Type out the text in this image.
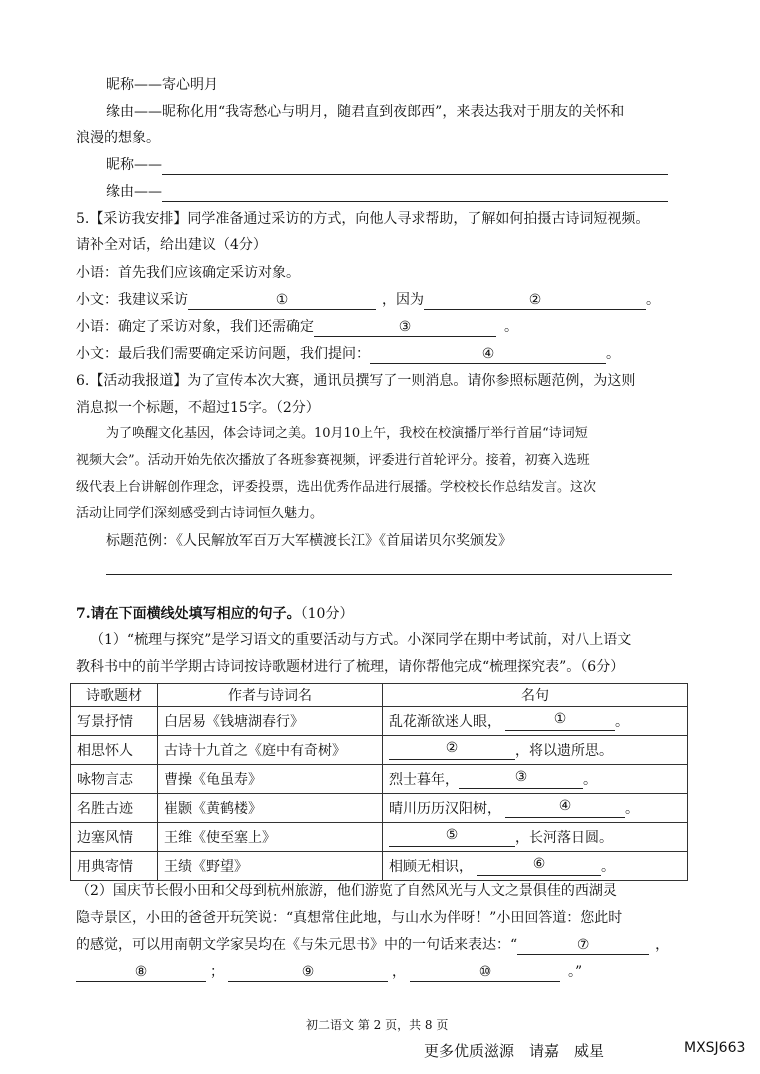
昵称——寄心明月
缘由——昵称化用“我寄愁心与明月，随君直到夜郎西”，来表达我对于朋友的关怀和
浪漫的想象。
昵称——
缘由——
5.【采访我安排】同学准备通过采访的方式，向他人寻求帮助，了解如何拍摄古诗词短视频。
请补全对话，给出建议（4分）
小语：首先我们应该确定采访对象。
小文：我建议采访	①	，因为	②	。
小语：确定了采访对象，我们还需确定	③	。
小文：最后我们需要确定采访问题，我们提问：	④	。
6.【活动我报道】为了宣传本次大赛，通讯员撰写了一则消息。请你参照标题范例，为这则
消息拟一个标题，不超过15字。（2分）
为了唤醒文化基因，体会诗词之美。10月10上午，我校在校演播厅举行首届“诗词短
视频大会”。活动开始先依次播放了各班参赛视频，评委进行首轮评分。接着，初赛入选班
级代表上台讲解创作理念，评委投票，选出优秀作品进行展播。学校校长作总结发言。这次
活动让同学们深刻感受到古诗词恒久魅力。
标题范例：《人民解放军百万大军横渡长江》《首届诺贝尔奖颁发》
7.请在下面横线处填写相应的句子。（10分）
（1）“梳理与探究”是学习语文的重要活动与方式。小深同学在期中考试前，对八上语文
教科书中的前半学期古诗词按诗歌题材进行了梳理，请你帮他完成“梳理探究表”。（6分）
诗歌题材	作者与诗词名	名句
写景抒情	白居易《钱塘湖春行》	乱花渐欲迷人眼， ① 。
相思怀人	古诗十九首之《庭中有奇树》	② ，将以遗所思。
咏物言志	曹操《龟虽寿》	烈士暮年， ③ 。
名胜古迹	崔颢《黄鹤楼》	晴川历历汉阳树， ④ 。
边塞风情	王维《使至塞上》	⑤ ，长河落日圆。
用典寄情	王绩《野望》	相顾无相识， ⑥ 。
（2）国庆节长假小田和父母到杭州旅游，他们游览了自然风光与人文之景俱佳的西湖灵
隐寺景区，小田的爸爸开玩笑说：“真想常住此地，与山水为伴呀！”小田回答道：您此时
的感觉，可以用南朝文学家吴均在《与朱元思书》中的一句话来表达：“	⑦	，
⑧	；	⑨	，	⑩	。”
初二语文 第 2 页，共 8 页
更多优质滋源　请嘉　威星	MXSJ663
